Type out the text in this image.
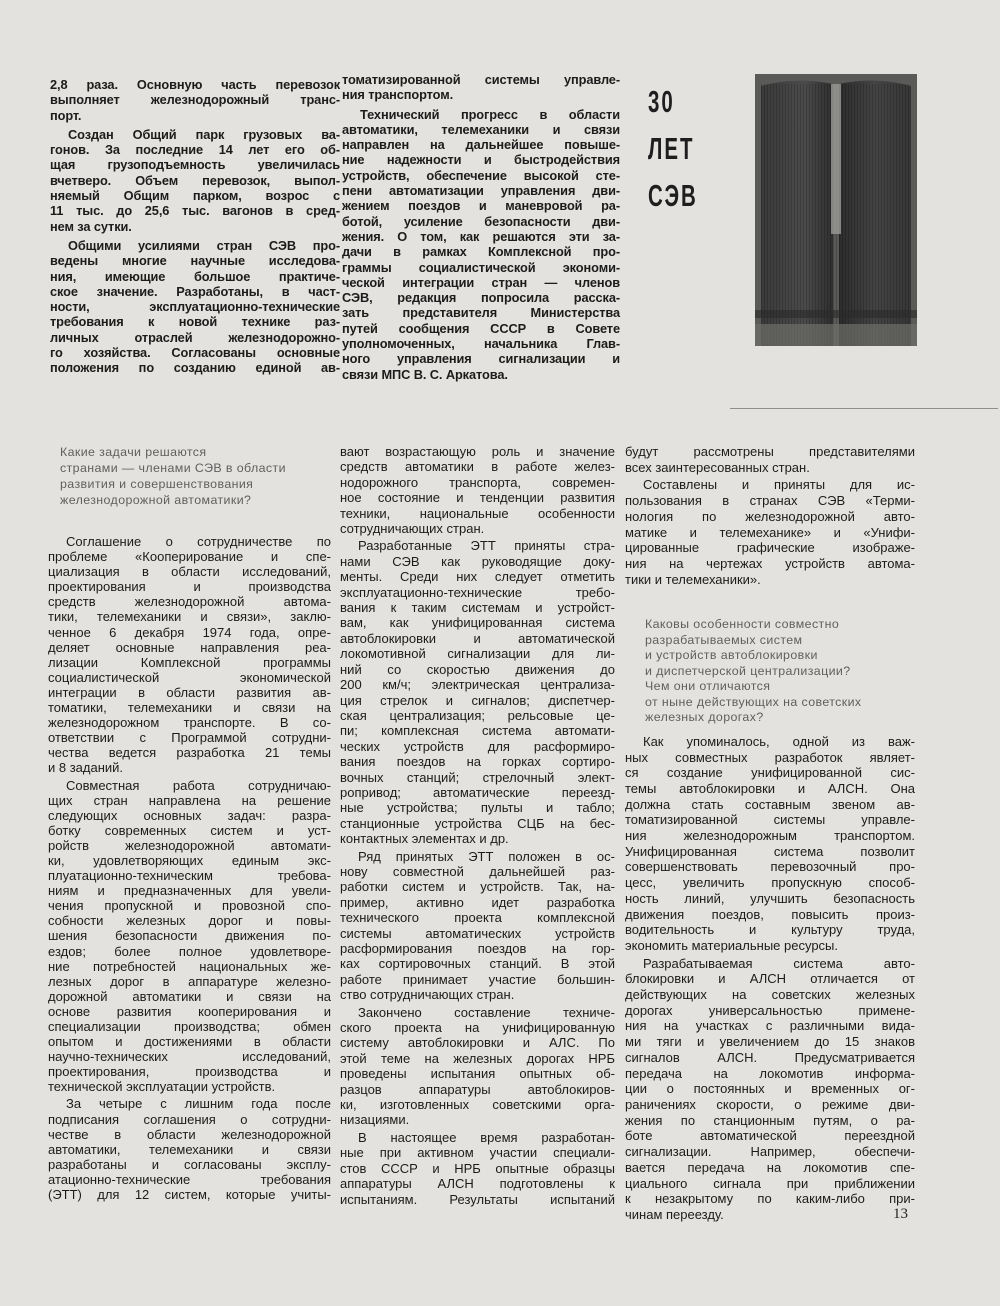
2,8 раза. Основную часть перевозок
выполняет железнодорожный транс-
порт.
Создан Общий парк грузовых ва-
гонов. За последние 14 лет его об-
щая грузоподъемность увеличилась
вчетверо. Объем перевозок, выпол-
няемый Общим парком, возрос с
11 тыс. до 25,6 тыс. вагонов в сред-
нем за сутки.
Общими усилиями стран СЭВ про-
ведены многие научные исследова-
ния, имеющие большое практиче-
ское значение. Разработаны, в част-
ности, эксплуатационно-технические
требования к новой технике раз-
личных отраслей железнодорожно-
го хозяйства. Согласованы основные
положения по созданию единой ав-
томатизированной системы управле-
ния транспортом.
Технический прогресс в области
автоматики, телемеханики и связи
направлен на дальнейшее повыше-
ние надежности и быстродействия
устройств, обеспечение высокой сте-
пени автоматизации управления дви-
жением поездов и маневровой ра-
ботой, усиление безопасности дви-
жения. О том, как решаются эти за-
дачи в рамках Комплексной про-
граммы социалистической экономи-
ческой интеграции стран — членов
СЭВ, редакция попросила расска-
зать представителя Министерства
путей сообщения СССР в Совете
уполномоченных, начальника Глав-
ного управления сигнализации и
связи МПС В. С. Аркатова.
30
ЛЕТ
СЭВ
Какие задачи решаются
странами — членами СЭВ в области
развития и совершенствования
железнодорожной автоматики?
Соглашение о сотрудничестве по
проблеме «Кооперирование и спе-
циализация в области исследований,
проектирования и производства
средств железнодорожной автома-
тики, телемеханики и связи», заклю-
ченное 6 декабря 1974 года, опре-
деляет основные направления реа-
лизации Комплексной программы
социалистической экономической
интеграции в области развития ав-
томатики, телемеханики и связи на
железнодорожном транспорте. В со-
ответствии с Программой сотрудни-
чества ведется разработка 21 темы
и 8 заданий.
Совместная работа сотрудничаю-
щих стран направлена на решение
следующих основных задач: разра-
ботку современных систем и уст-
ройств железнодорожной автомати-
ки, удовлетворяющих единым экс-
плуатационно-техническим требова-
ниям и предназначенных для увели-
чения пропускной и провозной спо-
собности железных дорог и повы-
шения безопасности движения по-
ездов; более полное удовлетворе-
ние потребностей национальных же-
лезных дорог в аппаратуре железно-
дорожной автоматики и связи на
основе развития кооперирования и
специализации производства; обмен
опытом и достижениями в области
научно-технических исследований,
проектирования, производства и
технической эксплуатации устройств.
За четыре с лишним года после
подписания соглашения о сотрудни-
честве в области железнодорожной
автоматики, телемеханики и связи
разработаны и согласованы эксплу-
атационно-технические требования
(ЭТТ) для 12 систем, которые учиты-
вают возрастающую роль и значение
средств автоматики в работе желез-
нодорожного транспорта, современ-
ное состояние и тенденции развития
техники, национальные особенности
сотрудничающих стран.
Разработанные ЭТТ приняты стра-
нами СЭВ как руководящие доку-
менты. Среди них следует отметить
эксплуатационно-технические требо-
вания к таким системам и устройст-
вам, как унифицированная система
автоблокировки и автоматической
локомотивной сигнализации для ли-
ний со скоростью движения до
200 км/ч; электрическая централиза-
ция стрелок и сигналов; диспетчер-
ская централизация; рельсовые це-
пи; комплексная система автомати-
ческих устройств для расформиро-
вания поездов на горках сортиро-
вочных станций; стрелочный элект-
ропривод; автоматические переезд-
ные устройства; пульты и табло;
станционные устройства СЦБ на бес-
контактных элементах и др.
Ряд принятых ЭТТ положен в ос-
нову совместной дальнейшей раз-
работки систем и устройств. Так, на-
пример, активно идет разработка
технического проекта комплексной
системы автоматических устройств
расформирования поездов на гор-
ках сортировочных станций. В этой
работе принимает участие большин-
ство сотрудничающих стран.
Закончено составление техниче-
ского проекта на унифицированную
систему автоблокировки и АЛС. По
этой теме на железных дорогах НРБ
проведены испытания опытных об-
разцов аппаратуры автоблокиров-
ки, изготовленных советскими орга-
низациями.
В настоящее время разработан-
ные при активном участии специали-
стов СССР и НРБ опытные образцы
аппаратуры АЛСН подготовлены к
испытаниям. Результаты испытаний
будут рассмотрены представителями
всех заинтересованных стран.
Составлены и приняты для ис-
пользования в странах СЭВ «Терми-
нология по железнодорожной авто-
матике и телемеханике» и «Унифи-
цированные графические изображе-
ния на чертежах устройств автома-
тики и телемеханики».
Каковы особенности совместно
разрабатываемых систем
и устройств автоблокировки
и диспетчерской централизации?
Чем они отличаются
от ныне действующих на советских
железных дорогах?
Как упоминалось, одной из важ-
ных совместных разработок являет-
ся создание унифицированной сис-
темы автоблокировки и АЛСН. Она
должна стать составным звеном ав-
томатизированной системы управле-
ния железнодорожным транспортом.
Унифицированная система позволит
совершенствовать перевозочный про-
цесс, увеличить пропускную способ-
ность линий, улучшить безопасность
движения поездов, повысить произ-
водительность и культуру труда,
экономить материальные ресурсы.
Разрабатываемая система авто-
блокировки и АЛСН отличается от
действующих на советских железных
дорогах универсальностью примене-
ния на участках с различными вида-
ми тяги и увеличением до 15 знаков
сигналов АЛСН. Предусматривается
передача на локомотив информа-
ции о постоянных и временных ог-
раничениях скорости, о режиме дви-
жения по станционным путям, о ра-
боте автоматической переездной
сигнализации. Например, обеспечи-
вается передача на локомотив спе-
циального сигнала при приближении
к незакрытому по каким-либо при-
чинам переезду.	13
